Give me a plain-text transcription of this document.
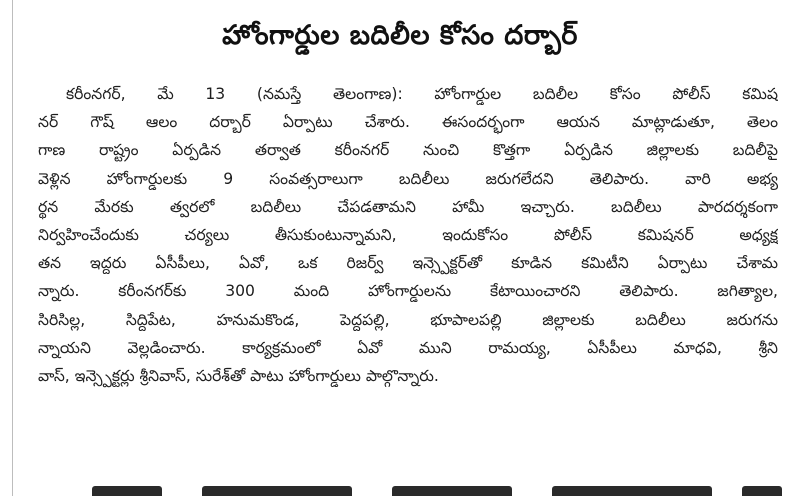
హోంగార్డుల బదిలీల కోసం దర్బార్
కరీంనగర్, మే 13 (నమస్తే తెలంగాణ): హోంగార్డుల బదిలీల కోసం పోలీస్ కమిష
నర్ గౌష్ ఆలం దర్బార్ ఏర్పాటు చేశారు. ఈసందర్భంగా ఆయన మాట్లాడుతూ, తెలం
గాణ రాష్ట్రం ఏర్పడిన తర్వాత కరీంనగర్ నుంచి కొత్తగా ఏర్పడిన జిల్లాలకు బదిలీపై
వెళ్లిన హోంగార్డులకు 9 సంవత్సరాలుగా బదిలీలు జరుగలేదని తెలిపారు. వారి అభ్య
ర్థన మేరకు త్వరలో బదిలీలు చేపడతామని హామీ ఇచ్చారు. బదిలీలు పారదర్శకంగా
నిర్వహించేందుకు చర్యలు తీసుకుంటున్నామని, ఇందుకోసం పోలీస్ కమిషనర్ అధ్యక్ష
తన ఇద్దరు ఏసీపీలు, ఏవో, ఒక రిజర్వ్ ఇన్స్పెక్టర్‌తో కూడిన కమిటీని ఏర్పాటు చేశామ
న్నారు. కరీంనగర్‌కు 300 మంది హోంగార్డులను కేటాయించారని తెలిపారు. జగిత్యాల,
సిరిసిల్ల, సిద్దిపేట, హనుమకొండ, పెద్దపల్లి, భూపాలపల్లి జిల్లాలకు బదిలీలు జరుగను
న్నాయని వెల్లడించారు. కార్యక్రమంలో ఏవో ముని రామయ్య, ఏసీపీలు మాధవి, శ్రీని
వాస్, ఇన్స్పెక్టర్లు శ్రీనివాస్, సురేశ్‌తో పాటు హోంగార్డులు పాల్గొన్నారు.
